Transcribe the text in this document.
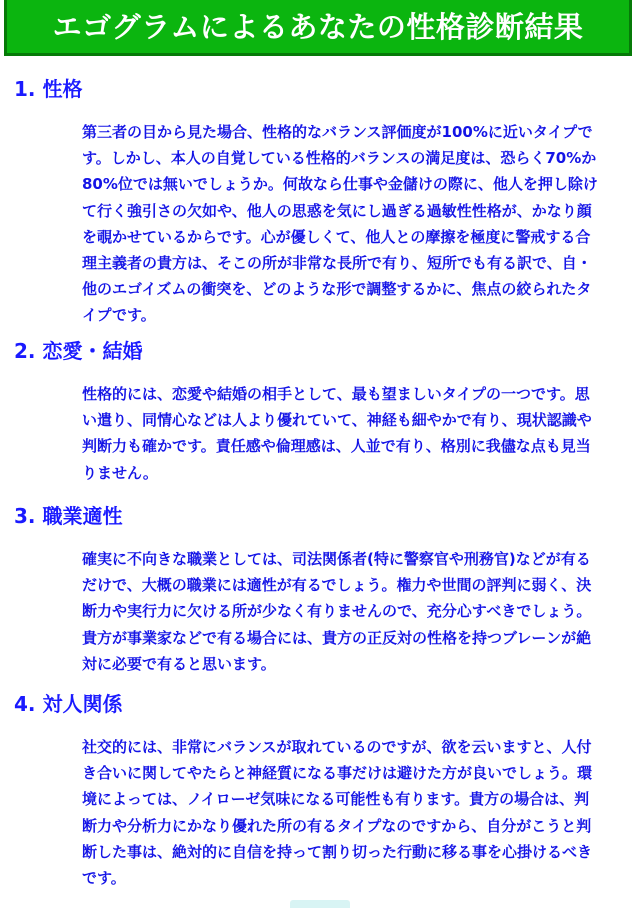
エゴグラムによるあなたの性格診断結果
1. 性格

第三者の目から見た場合、性格的なバランス評価度が100%に近いタイプです。しかし、本人の自覚している性格的バランスの満足度は、恐らく70%か80%位では無いでしょうか。何故なら仕事や金儲けの際に、他人を押し除けて行く強引さの欠如や、他人の思惑を気にし過ぎる過敏性性格が、かなり顔を覗かせているからです。心が優しくて、他人との摩擦を極度に警戒する合理主義者の貴方は、そこの所が非常な長所で有り、短所でも有る訳で、自・他のエゴイズムの衝突を、どのような形で調整するかに、焦点の絞られたタイプです。

2. 恋愛・結婚

性格的には、恋愛や結婚の相手として、最も望ましいタイプの一つです。思い遣り、同情心などは人より優れていて、神経も細やかで有り、現状認識や判断力も確かです。責任感や倫理感は、人並で有り、格別に我儘な点も見当りません。

3. 職業適性

確実に不向きな職業としては、司法関係者(特に警察官や刑務官)などが有るだけで、大概の職業には適性が有るでしょう。権力や世間の評判に弱く、決断力や実行力に欠ける所が少なく有りませんので、充分心すべきでしょう。貴方が事業家などで有る場合には、貴方の正反対の性格を持つブレーンが絶対に必要で有ると思います。

4. 対人関係

社交的には、非常にバランスが取れているのですが、欲を云いますと、人付き合いに関してやたらと神経質になる事だけは避けた方が良いでしょう。環境によっては、ノイローゼ気味になる可能性も有ります。貴方の場合は、判断力や分析力にかなり優れた所の有るタイプなのですから、自分がこうと判断した事は、絶対的に自信を持って割り切った行動に移る事を心掛けるべきです。
